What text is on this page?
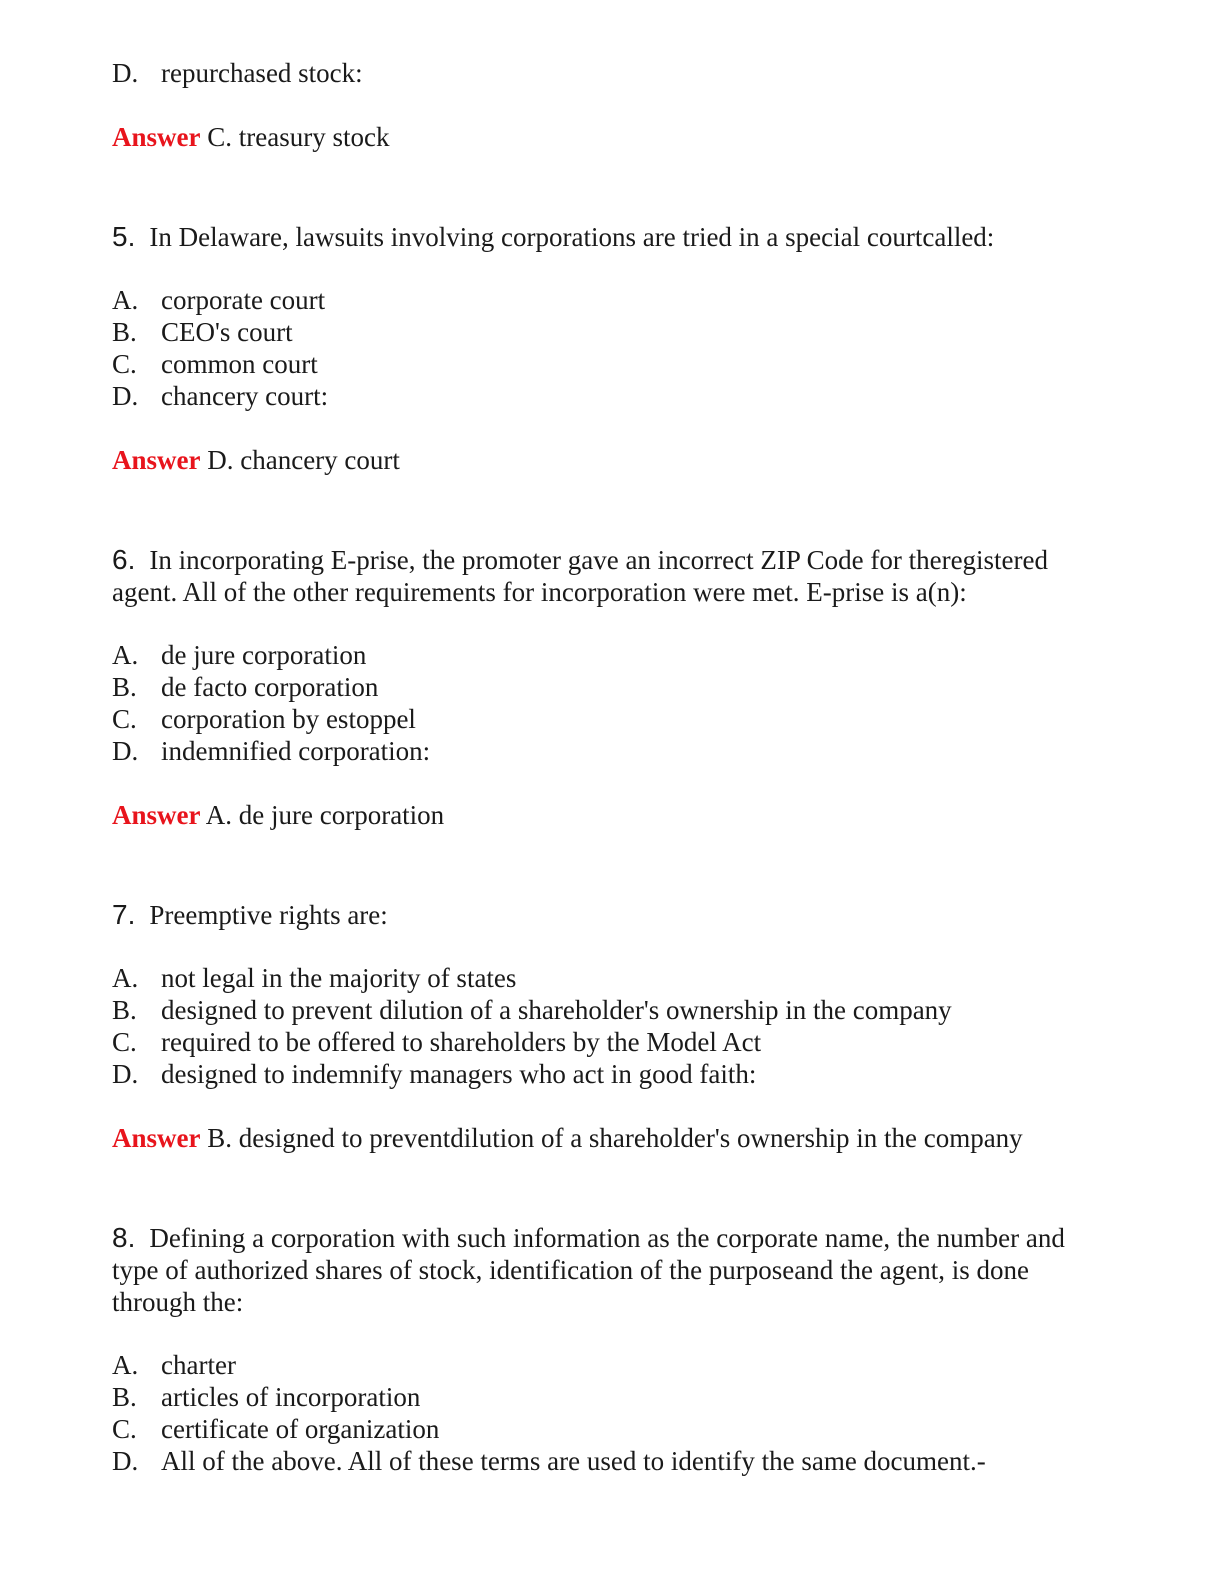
D. repurchased stock:
Answer C. treasury stock
5. In Delaware, lawsuits involving corporations are tried in a special courtcalled:
A. corporate court
B. CEO's court
C. common court
D. chancery court:
Answer D. chancery court
6. In incorporating E-prise, the promoter gave an incorrect ZIP Code for theregistered
agent. All of the other requirements for incorporation were met. E-prise is a(n):
A. de jure corporation
B. de facto corporation
C. corporation by estoppel
D. indemnified corporation:
Answer A. de jure corporation
7. Preemptive rights are:
A. not legal in the majority of states
B. designed to prevent dilution of a shareholder's ownership in the company
C. required to be offered to shareholders by the Model Act
D. designed to indemnify managers who act in good faith:
Answer B. designed to preventdilution of a shareholder's ownership in the company
8. Defining a corporation with such information as the corporate name, the number and
type of authorized shares of stock, identification of the purposeand the agent, is done
through the:
A. charter
B. articles of incorporation
C. certificate of organization
D. All of the above. All of these terms are used to identify the same document.-
